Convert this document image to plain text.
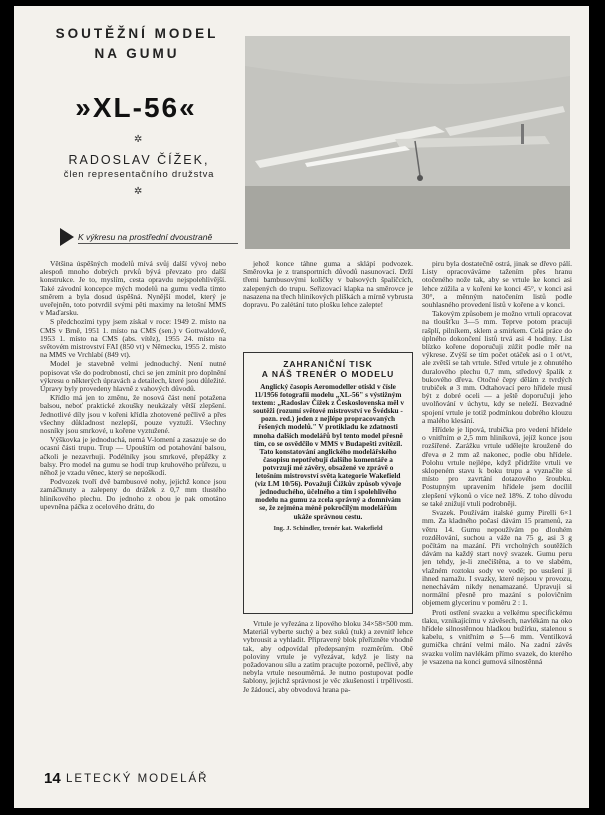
SOUTĚŽNÍ MODEL
NA GUMU
»XL-56«
✲
RADOSLAV ČÍŽEK,
člen representačního družstva
✲
K výkresu na prostřední dvoustraně

Většina úspěšných modelů mívá svůj další vývoj nebo alespoň mnoho dobrých prvků bývá převzato pro další konstrukce. Je to, myslím, cesta opravdu nejspolehlivější. Také závodní koncepce mých modelů na gumu vedla tímto směrem a byla dosud úspěšná. Nynější model, který je uveřejněn, toto potvrdil svými pěti maximy na letošní MMS v Maďarsku.

S předchozími typy jsem získal v roce: 1949 2. místo na CMS v Brně, 1951 1. místo na CMS (sen.) v Gottwaldově, 1953 1. místo na CMS (abs. vítěz), 1955 24. místo na světovém mistrovství FAI (850 vt) v Německu, 1955 2. místo na MMS ve Vrchlabí (849 vt).

Model je stavebně velmi jednoduchý. Není nutné popisovat vše do podrobností, chci se jen zmínit pro doplnění výkresu o některých úpravách a detailech, které jsou důležité. Úpravy byly provedeny hlavně z vahových důvodů.

Křídlo má jen to změnu, že nosová část není potažena balsou, neboť praktické zkoušky neukázaly větší zlepšení. Jednotlivé díly jsou v kořeni křídla zhotovené pečlivě a přes všechny důkladnost nezlepší, pouze vyztuží. Všechny nosníky jsou smrkové, u kořene vyztužené.

Výškovka je jednoduchá, nemá V-lomení a zasazuje se do ocasní části trupu. Trup — Upouštím od potahování balsou, ačkoli je nezavrhuji. Podélníky jsou smrkové, přepážky z balsy. Pro model na gumu se hodí trup kruhového průřezu, u něhož je vzadu věnec, který se nepoškodí.

Podvozek tvoří dvě bambusové nohy, jejichž konce jsou zamáčknuty a zalepeny do drážek z 0,7 mm tlustého hliníkového plechu. Do jednoho z obou je pak omotáno upevněna páčka z ocelového drátu, do

jehož konce táhne guma a sklápí podvozek. Směrovka je z transportních důvodů nasunovací. Drží třemi bambusovými kolíčky v balsových špalíčcích, zalepených do trupu. Seřizovací klapka na směrovce je nasazena na třech hliníkových plíškách a mírně vybrusta dopravu. Po zalétání tuto plošku lehce zalepte!

ZAHRANIČNÍ TISK
A NÁŠ TRENÉR O MODELU
Anglický časopis Aeromodeller otiskl v čísle 11/1956 fotografii modelu „XL-56" s výstižným textem: „Radoslav Čížek z Československa měl v soutěži (rozumí světové mistrovství ve Švédsku - pozn. red.) jeden z nejlépe propracovaných řešených modelů." V protikladu ke zdatnosti mnoha dalších modelářů byl tento model přesně tím, co se osvědčilo v MMS v Budapešti zvítězil. Tato konstatování anglického modelářského časopisu nepotřebují dalšího komentáře a potvrzují mé závěry, obsažené ve zprávě o letošním mistrovství světa kategorie Wakefield (viz LM 10/56). Považuji Čížkův způsob vývoje jednoduchého, účelného a tím i spolehlivého modelu na gumu za zcela správný a domnívám se, že zejména méně pokročilým modelářům ukáže správnou cestu.
Ing. J. Schindler, trenér kat. Wakefield

Vrtule je vyřezána z lipového bloku 34×58×500 mm. Materiál vyberte suchý a bez suků (tuk) a zevnitř lehce vybrousit a vyhladit. Připravený blok přeřízněte vhodně tak, aby odpovídal předepsaným rozměrům. Obě poloviny vrtule je vyřezávat, když je listy na požadovanou sílu a zatím pracujte pozorně, pečlivě, aby nebyla vrtule nesouměrná. Je nutno postupovat podle šablony, jejichž správnost je věc zkušenosti i trpělivosti. Je žádoucí, aby obvodová hrana pa-

piru byla dostatečně ostrá, jinak se dřevo pálí. Listy opracováváme tažením přes hranu otočeného nože tak, aby se vrtule ke konci asi lehce zúžila a v kořeni ke konci 45°, v konci asi 30°, a měnným natočením listů podle souhlasného provedení listů v kořene a v konci.

Takovým způsobem je možno vrtuli opracovat na tloušťku 3—5 mm. Teprve potom pracuji rašplí, pilníkem, sklem a smirkem. Celá práce do úplného dokončení listů trvá asi 4 hodiny. List blízko kořene doporučuji zúžit podle měr na výkrese. Zvýší se tím počet otáček asi o 1 ot/vt, ale zvětší se tah vrtule. Střed vrtule je z ohnutého duralového plechu 0,7 mm, středový špalík z bukového dřeva. Otočné čepy dělám z tvrdých trubiček ø 3 mm. Odtahovací pero hřídele musí být z dobré oceli — a ještě doporučuji jeho uvolňování v úchytu, kdy se neleží. Bezvadné spojení vrtule je totiž podmínkou dobrého klouzu a malého klesání.

Hřídele je lipová, trubička pro vedení hřídele o vnitřním ø 2,5 mm hliníková, jejíž konce jsou rozšířené. Zarážku vrtule udělejte krouženě do dřeva ø 2 mm až nakonec, podle obu hřídele. Polohu vrtule nejlépe, když přidržíte vrtuli ve sklopeném stavu k boku trupu a vyznačíte si místo pro zavrtání dotazového šroubku. Postupným upravením hřídele jsem docílil zlepšení výkonů o více než 18%. Z toho důvodu se také znižují vtuli podrobněji.

Svazek. Používám italské gumy Pirelli 6×1 mm. Za kladného počasí dávám 15 pramenů, za větru 14. Gumu nepoužívám po dlouhém rozdělování, suchou a váže na 75 g, asi 3 g počítám na mazání. Při vrcholných soutěžích dávám na každý start nový svazek. Gumu peru jen tehdy, je-li znečištěna, a to ve slabém, vlažném roztoku sody ve vodě; po usušení ji ihned namažu. I svazky, které nejsou v provozu, nenechávám nikdy nenamazané. Upravuji si normální přesně pro mazání s polovičním objemem glycerinu v poměru 2 : 1.

Proti ostření svazku a velkému specifickému tlaku, vznikajícímu v závěsech, navlékám na oko hřídele silnostěnnou hladkou bužírku, stalenou s kabelu, s vnitřním ø 5—6 mm. Ventilková gumička chrání velmi málo. Na zadní závěs svazku volím navlékám přímo svazek, do kterého je vsazena na konci gumová silnostěnná

14 LETECKÝ MODELÁŘ
